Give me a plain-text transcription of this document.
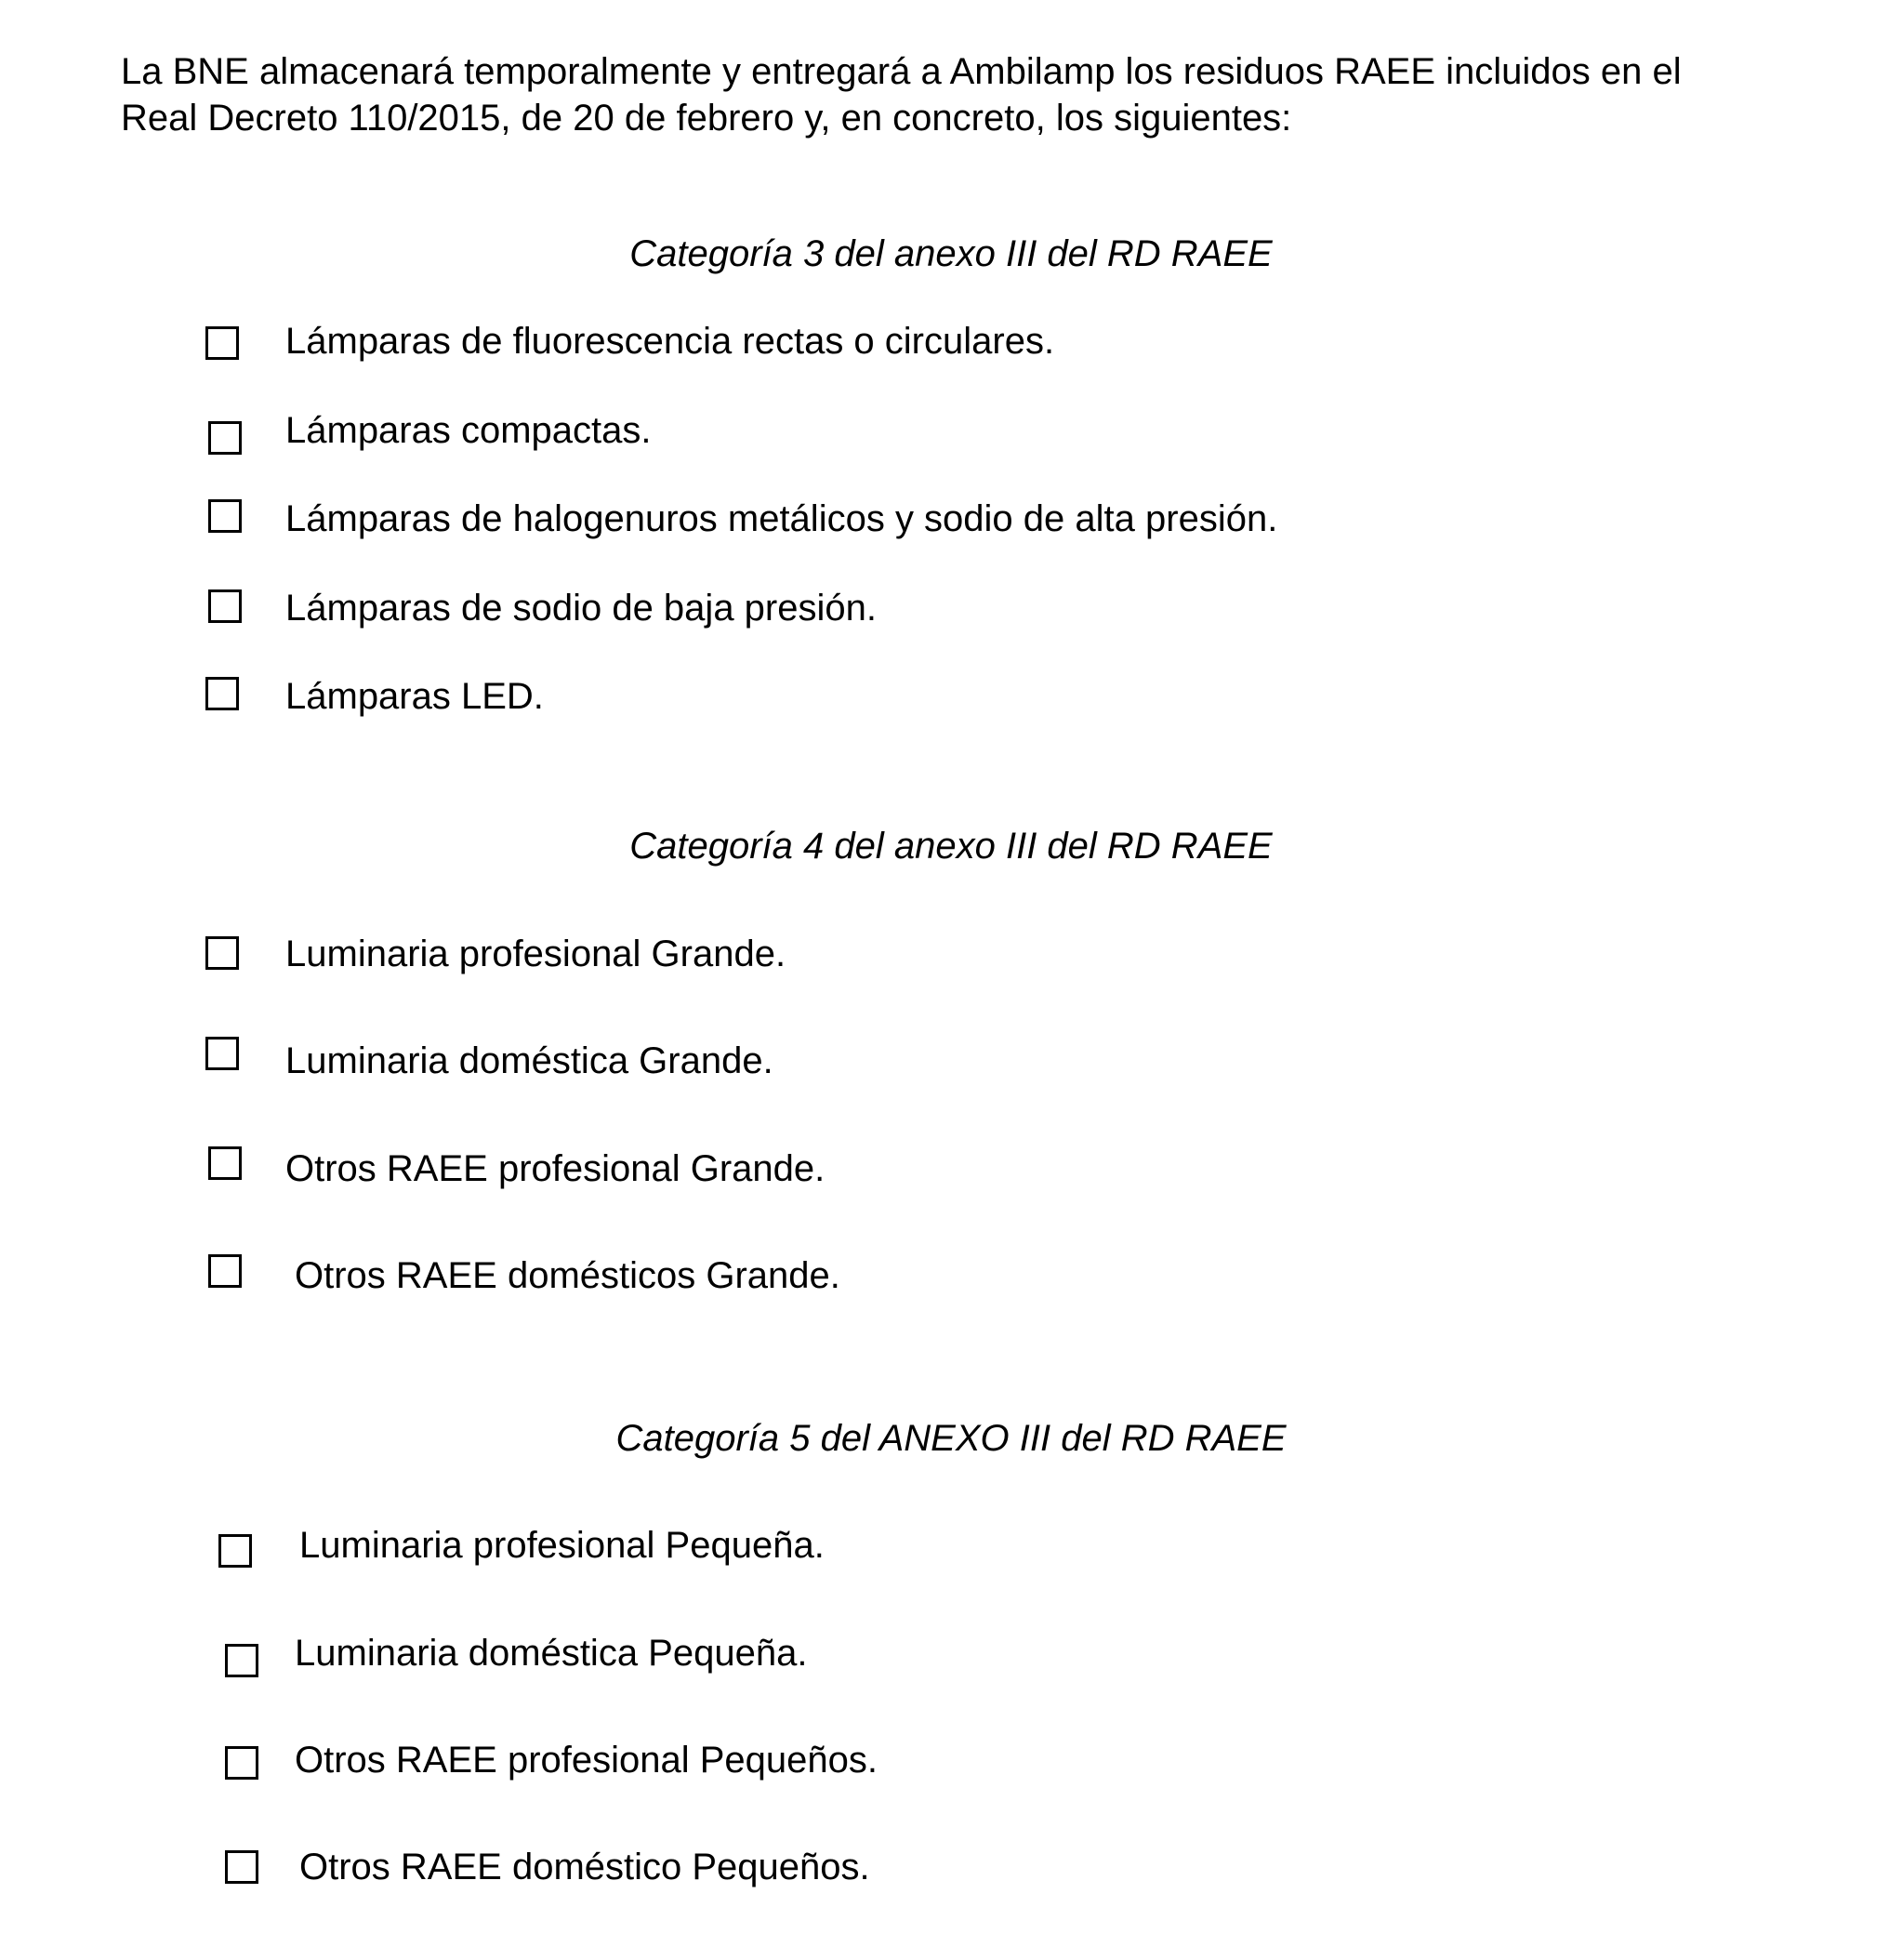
La BNE almacenará temporalmente y entregará a Ambilamp los residuos RAEE incluidos en el
Real Decreto 110/2015, de 20 de febrero y, en concreto, los siguientes:

Categoría 3 del anexo III del RD RAEE
Lámparas de fluorescencia rectas o circulares.
Lámparas compactas.
Lámparas de halogenuros metálicos y sodio de alta presión.
Lámparas de sodio de baja presión.
Lámparas LED.
Categoría 4 del anexo III del RD RAEE
Luminaria profesional Grande.
Luminaria doméstica Grande.
Otros RAEE profesional Grande.
Otros RAEE domésticos Grande.
Categoría 5 del ANEXO III del RD RAEE
Luminaria profesional Pequeña.
Luminaria doméstica Pequeña.
Otros RAEE profesional Pequeños.
Otros RAEE doméstico Pequeños.
